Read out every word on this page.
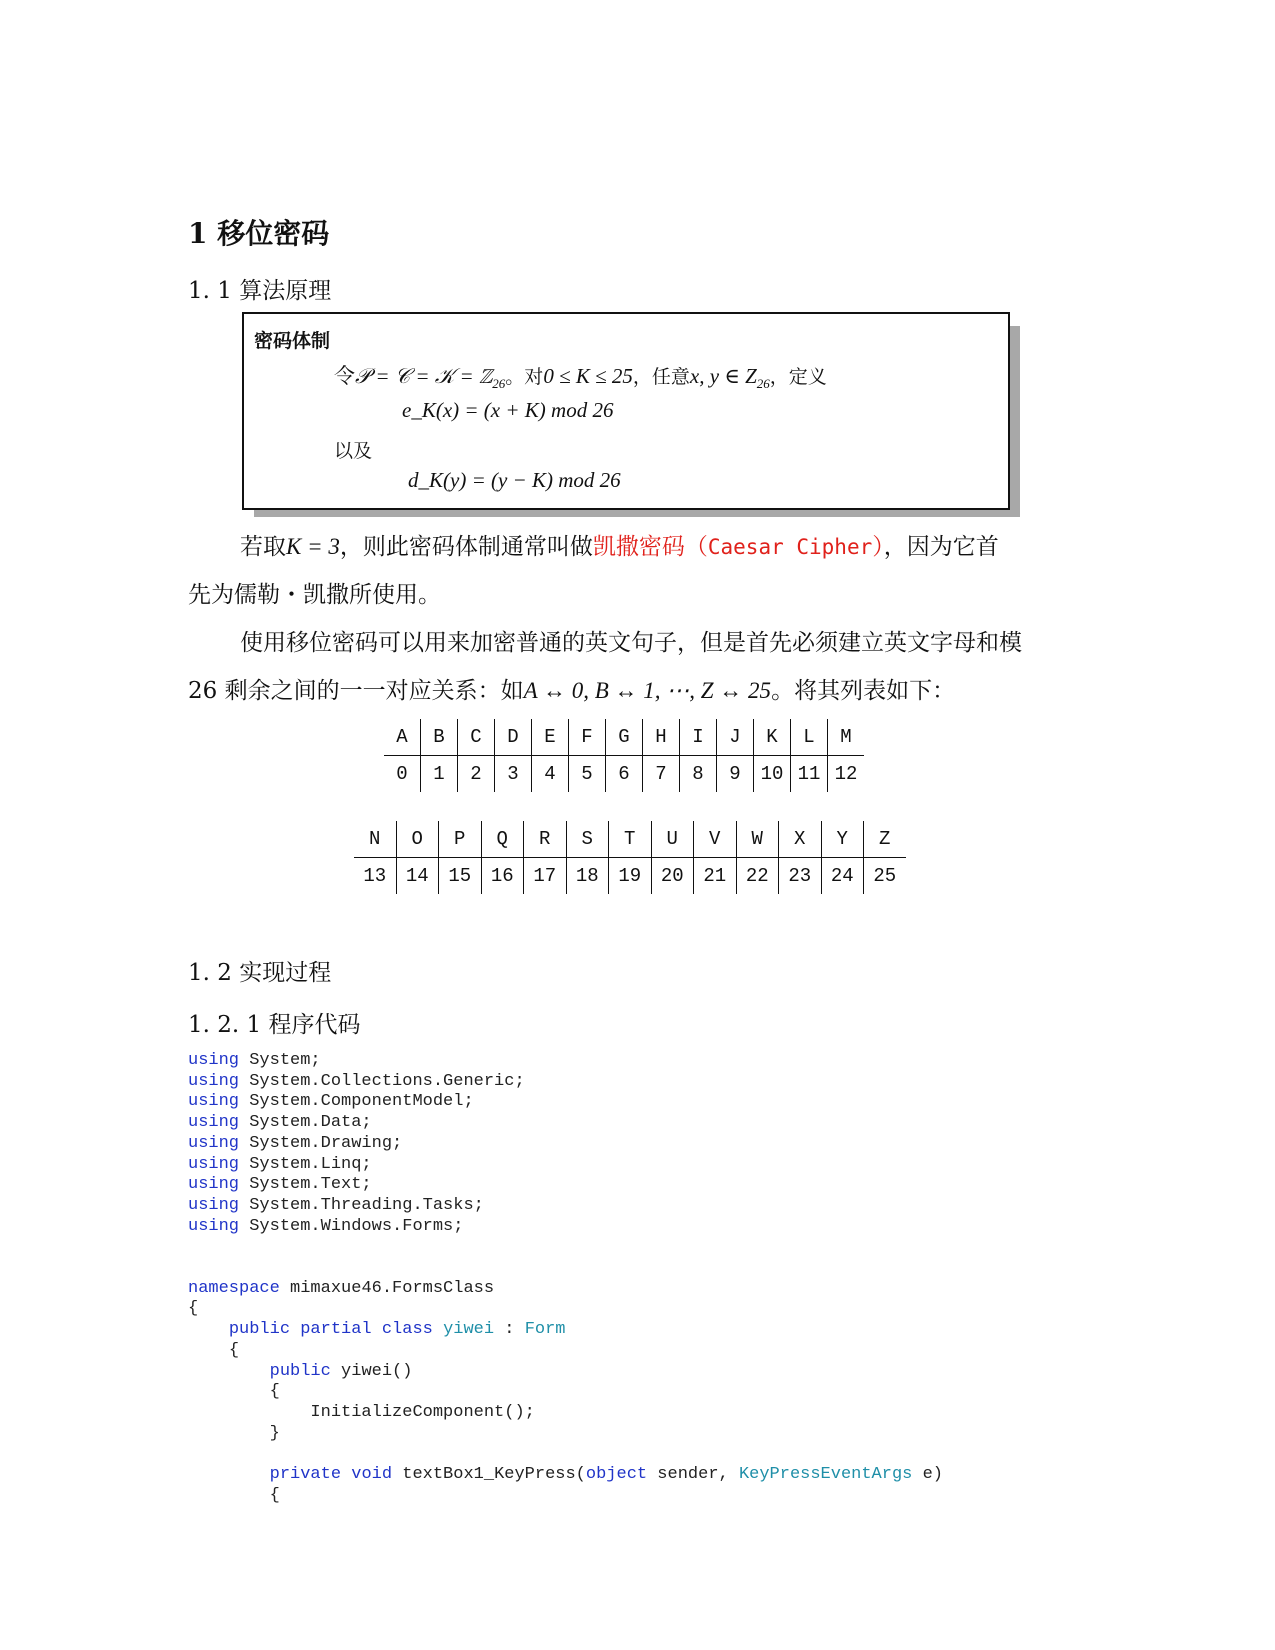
1 移位密码
1. 1 算法原理
密码体制
令𝒫 = 𝒞 = 𝒦 = ℤ$_{26}$。对0 ≤ K ≤ 25，任意x, y ∈ $Z_{26}$，定义
e_K(x) = (x + K) mod 26
以及
d_K(y) = (y − K) mod 26
若取K = 3，则此密码体制通常叫做凯撒密码（Caesar Cipher），因为它首
先为儒勒・凯撒所使用。
使用移位密码可以用来加密普通的英文句子，但是首先必须建立英文字母和模
26 剩余之间的一一对应关系：如A ↔ 0, B ↔ 1, ⋯, Z ↔ 25。将其列表如下：
A	B	C	D	E	F	G	H	I	J	K	L	M
0	1	2	3	4	5	6	7	8	9	10	11	12
N	O	P	Q	R	S	T	U	V	W	X	Y	Z
13	14	15	16	17	18	19	20	21	22	23	24	25
1. 2 实现过程
1. 2. 1 程序代码
using System;
using System.Collections.Generic;
using System.ComponentModel;
using System.Data;
using System.Drawing;
using System.Linq;
using System.Text;
using System.Threading.Tasks;
using System.Windows.Forms;

namespace mimaxue46.FormsClass
{
public partial class yiwei : Form
{
public yiwei()
{
InitializeComponent();
}

private void textBox1_KeyPress(object sender, KeyPressEventArgs e)
{
